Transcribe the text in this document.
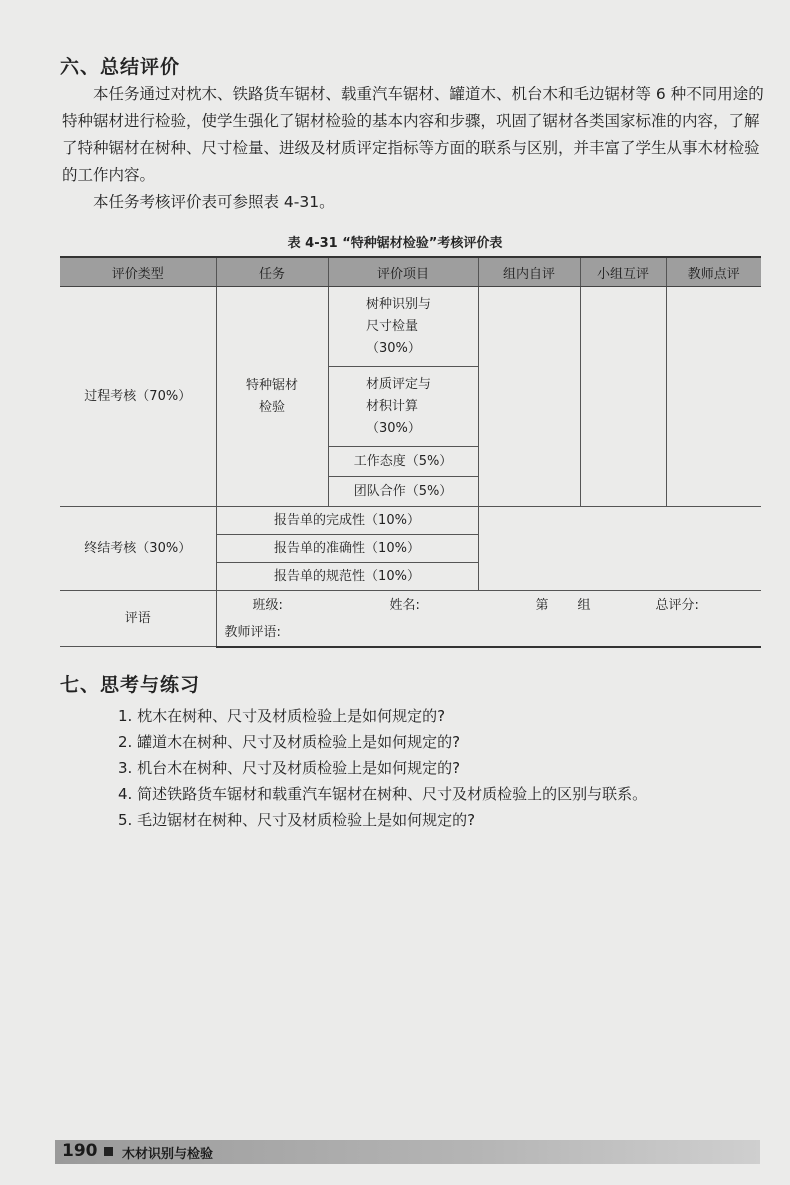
六、总结评价

本任务通过对枕木、铁路货车锯材、载重汽车锯材、罐道木、机台木和毛边锯材等 6 种不同用途的特种锯材进行检验，使学生强化了锯材检验的基本内容和步骤，巩固了锯材各类国家标准的内容，了解了特种锯材在树种、尺寸检量、进级及材质评定指标等方面的联系与区别，并丰富了学生从事木材检验的工作内容。

本任务考核评价表可参照表 4-31。

表 4-31 “特种锯材检验”考核评价表
评价类型	任务	评价项目	组内自评	小组互评	教师点评
过程考核（70%）	特种锯材检验	树种识别与尺寸检量（30%）			

		材质评定与材积计算（30%）			

		工作态度（5%）			
		团队合作（5%）			
终结考核（30%）	报告单的完成性（10%）				
	报告单的准确性（10%）				
	报告单的规范性（10%）				
评语	班级: 姓名: 第 组 总评分:				
	教师评语:				
七、思考与练习
1. 枕木在树种、尺寸及材质检验上是如何规定的?
2. 罐道木在树种、尺寸及材质检验上是如何规定的?
3. 机台木在树种、尺寸及材质检验上是如何规定的?
4. 简述铁路货车锯材和载重汽车锯材在树种、尺寸及材质检验上的区别与联系。
5. 毛边锯材在树种、尺寸及材质检验上是如何规定的?
190 木材识别与检验
